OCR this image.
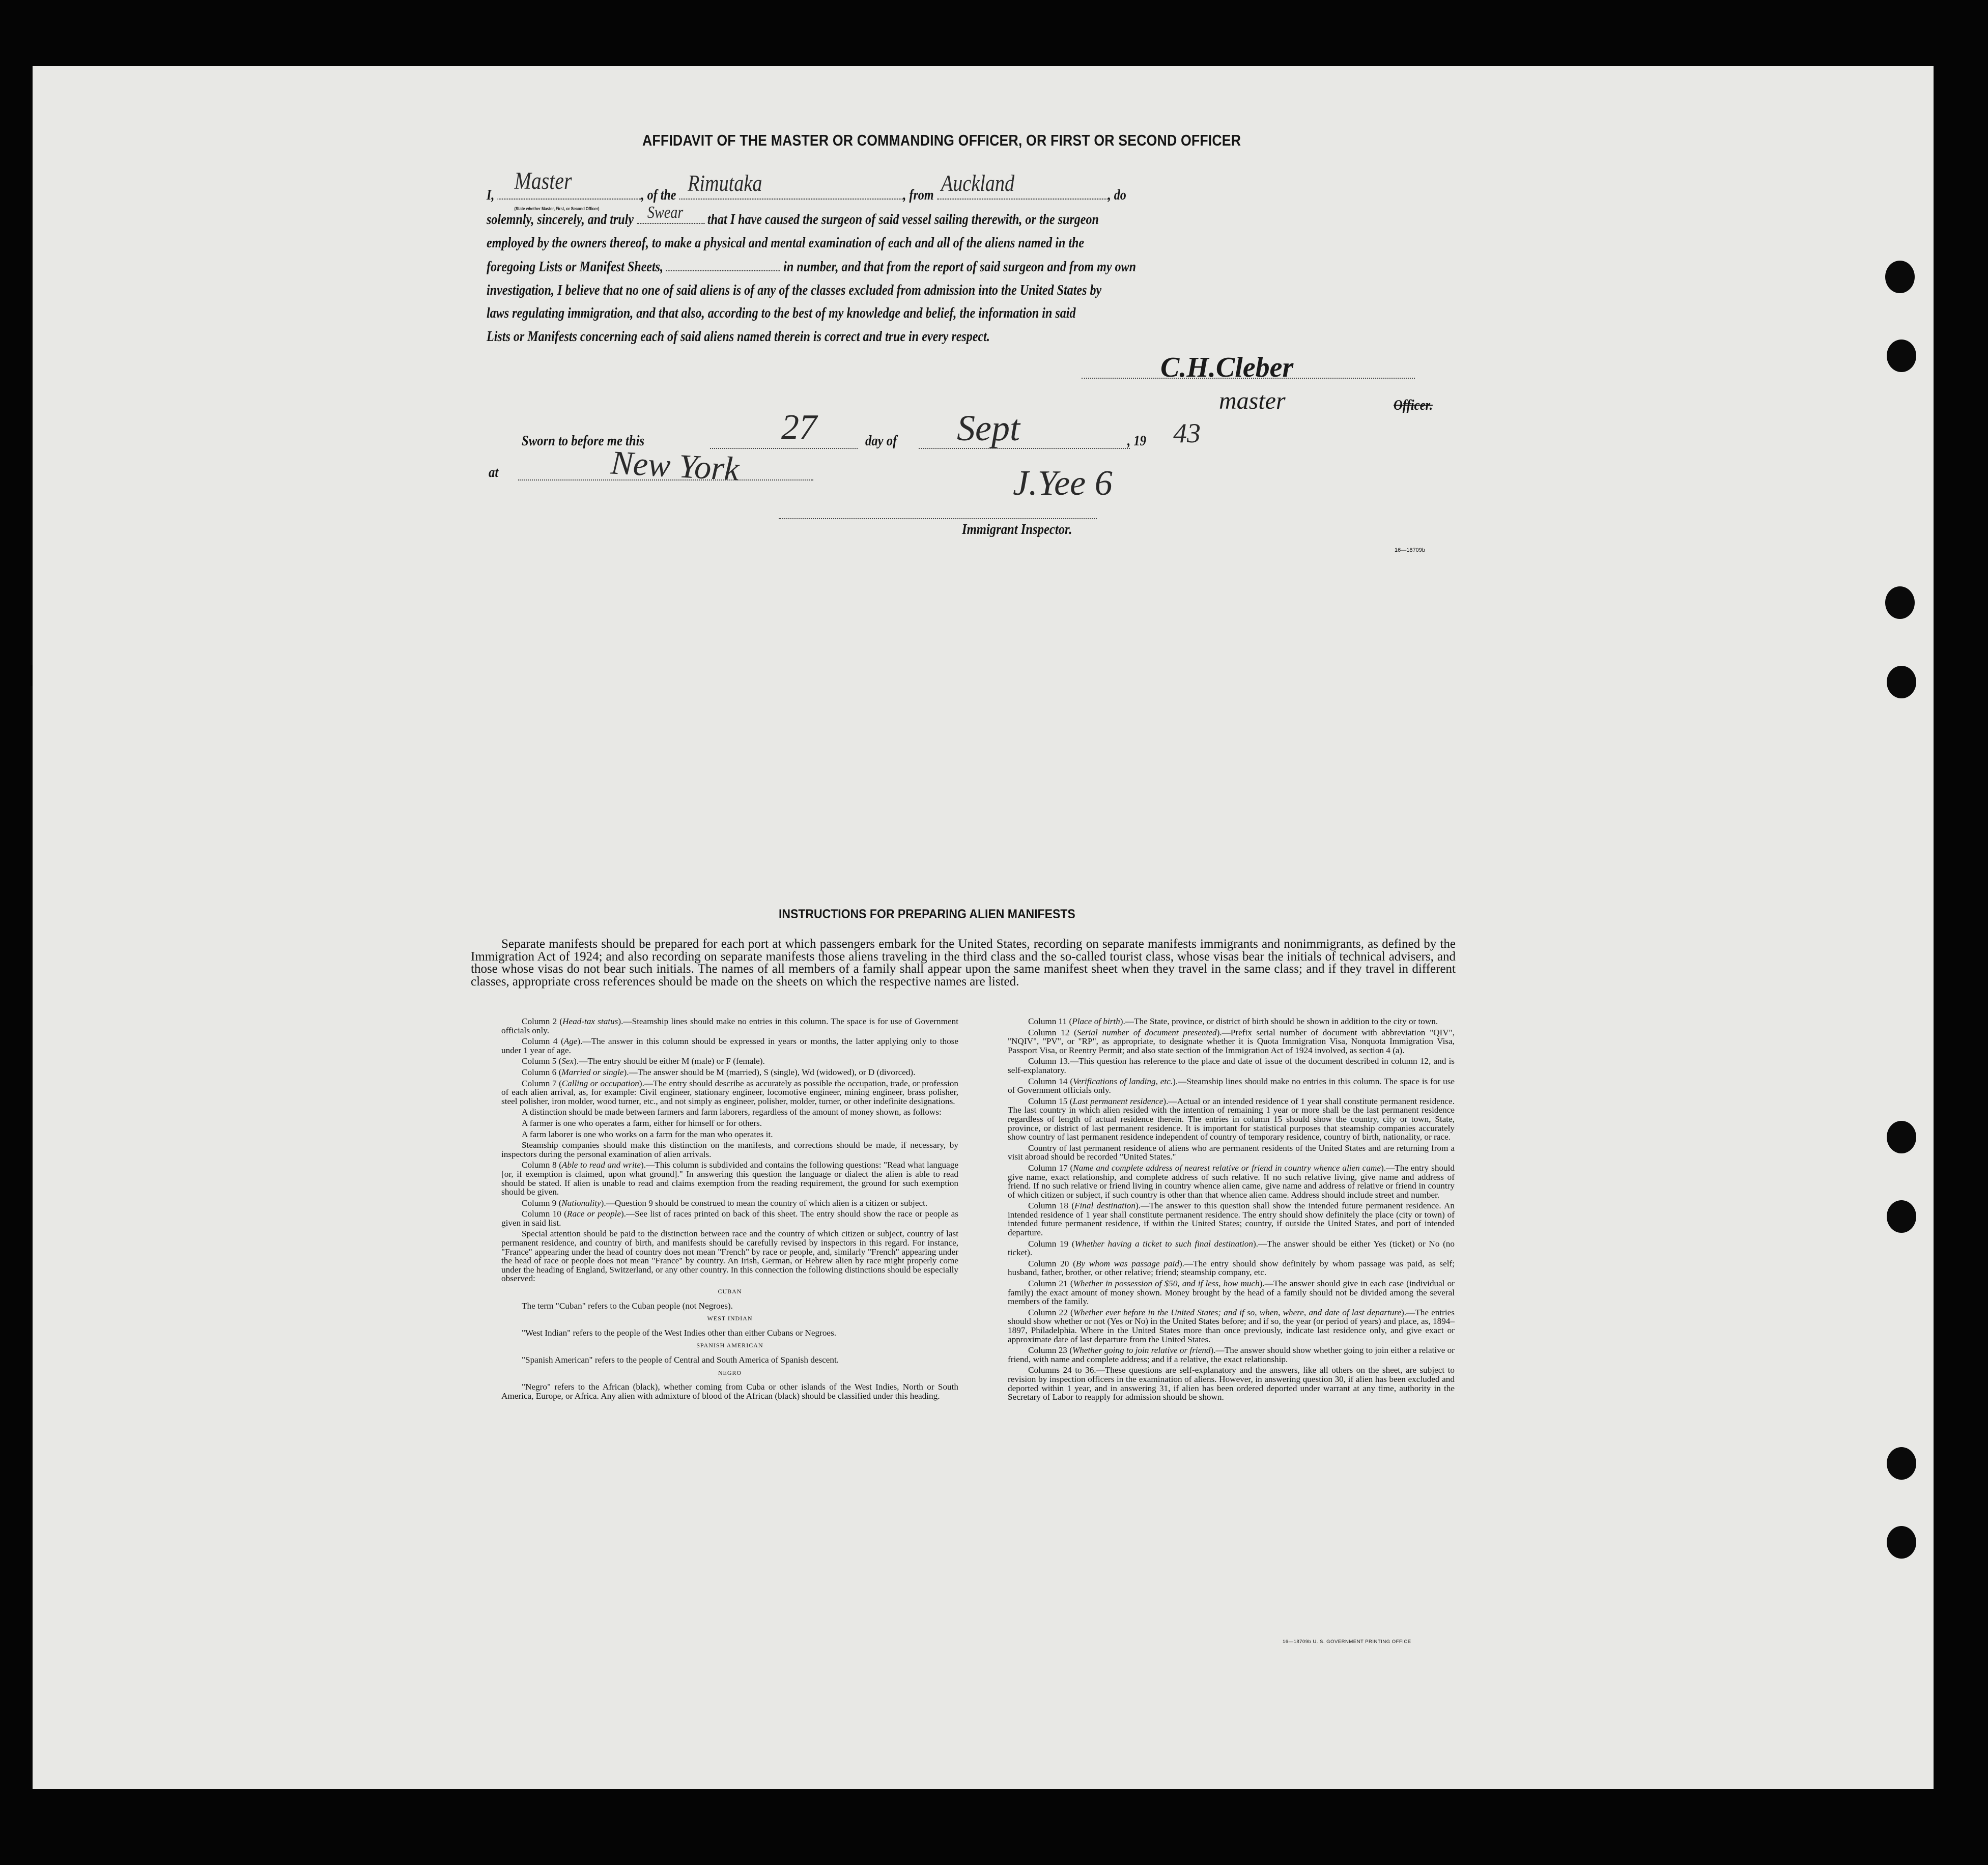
AFFIDAVIT OF THE MASTER OR COMMANDING OFFICER, OR FIRST OR SECOND OFFICER
I,
Master
(State whether Master, First, or Second Officer)
, of the Rimutaka	, from Auckland	, do
solemnly, sincerely, and truly Swear that I have caused the surgeon of said vessel sailing therewith, or the surgeon
employed by the owners thereof, to make a physical and mental examination of each and all of the aliens named in the
foregoing Lists or Manifest Sheets,	in number, and that from the report of said surgeon and from my own
investigation, I believe that no one of said aliens is of any of the classes excluded from admission into the United States by
laws regulating immigration, and that also, according to the best of my knowledge and belief, the information in said
Lists or Manifests concerning each of said aliens named therein is correct and true in every respect.
C.H.Cleber
master	Officer.
Sworn to before me this	27	day of Sept	, 19 43
at	New York	J.Yee 6
Immigrant Inspector.
16—18709b
INSTRUCTIONS FOR PREPARING ALIEN MANIFESTS
Separate manifests should be prepared for each port at which passengers embark for the United States, recording on separate manifests immigrants and nonimmigrants, as defined by the Immigration Act of 1924; and also recording on separate manifests those aliens traveling in the third class and the so-called tourist class, whose visas bear the initials of technical advisers, and those whose visas do not bear such initials. The names of all members of a family shall appear upon the same manifest sheet when they travel in the same class; and if they travel in different classes, appropriate cross references should be made on the sheets on which the respective names are listed.
Column 2 (Head-tax status).—Steamship lines should make no entries in this column. The space is for use of Government officials only.
Column 4 (Age).—The answer in this column should be expressed in years or months, the latter applying only to those under 1 year of age.
Column 5 (Sex).—The entry should be either M (male) or F (female).
Column 6 (Married or single).—The answer should be M (married), S (single), Wd (widowed), or D (divorced).
Column 7 (Calling or occupation).—The entry should describe as accurately as possible the occupation, trade, or profession of each alien arrival, as, for example: Civil engineer, stationary engineer, locomotive engineer, mining engineer, brass polisher, steel polisher, iron molder, wood turner, etc., and not simply as engineer, polisher, molder, turner, or other indefinite designations.
A distinction should be made between farmers and farm laborers, regardless of the amount of money shown, as follows:
A farmer is one who operates a farm, either for himself or for others.
A farm laborer is one who works on a farm for the man who operates it.
Steamship companies should make this distinction on the manifests, and corrections should be made, if necessary, by inspectors during the personal examination of alien arrivals.
Column 8 (Able to read and write).—This column is subdivided and contains the following questions: "Read what language [or, if exemption is claimed, upon what ground]." In answering this question the language or dialect the alien is able to read should be stated. If alien is unable to read and claims exemption from the reading requirement, the ground for such exemption should be given.
Column 9 (Nationality).—Question 9 should be construed to mean the country of which alien is a citizen or subject.
Column 10 (Race or people).—See list of races printed on back of this sheet. The entry should show the race or people as given in said list.
Special attention should be paid to the distinction between race and the country of which citizen or subject, country of last permanent residence, and country of birth, and manifests should be carefully revised by inspectors in this regard. For instance, "France" appearing under the head of country does not mean "French" by race or people, and, similarly "French" appearing under the head of race or people does not mean "France" by country. An Irish, German, or Hebrew alien by race might properly come under the heading of England, Switzerland, or any other country. In this connection the following distinctions should be especially observed:
CUBAN
The term "Cuban" refers to the Cuban people (not Negroes).
WEST INDIAN
"West Indian" refers to the people of the West Indies other than either Cubans or Negroes.
SPANISH AMERICAN
"Spanish American" refers to the people of Central and South America of Spanish descent.
NEGRO
"Negro" refers to the African (black), whether coming from Cuba or other islands of the West Indies, North or South America, Europe, or Africa. Any alien with admixture of blood of the African (black) should be classified under this heading.
Column 11 (Place of birth).—The State, province, or district of birth should be shown in addition to the city or town.
Column 12 (Serial number of document presented).—Prefix serial number of document with abbreviation "QIV", "NQIV", "PV", or "RP", as appropriate, to designate whether it is Quota Immigration Visa, Nonquota Immigration Visa, Passport Visa, or Reentry Permit; and also state section of the Immigration Act of 1924 involved, as section 4 (a).
Column 13.—This question has reference to the place and date of issue of the document described in column 12, and is self-explanatory.
Column 14 (Verifications of landing, etc.).—Steamship lines should make no entries in this column. The space is for use of Government officials only.
Column 15 (Last permanent residence).—Actual or an intended residence of 1 year shall constitute permanent residence. The last country in which alien resided with the intention of remaining 1 year or more shall be the last permanent residence regardless of length of actual residence therein. The entries in column 15 should show the country, city or town, State, province, or district of last permanent residence. It is important for statistical purposes that steamship companies accurately show country of last permanent residence independent of country of temporary residence, country of birth, nationality, or race.
Country of last permanent residence of aliens who are permanent residents of the United States and are returning from a visit abroad should be recorded "United States."
Column 17 (Name and complete address of nearest relative or friend in country whence alien came).—The entry should give name, exact relationship, and complete address of such relative. If no such relative living, give name and address of friend. If no such relative or friend living in country whence alien came, give name and address of relative or friend in country of which citizen or subject, if such country is other than that whence alien came. Address should include street and number.
Column 18 (Final destination).—The answer to this question shall show the intended future permanent residence. An intended residence of 1 year shall constitute permanent residence. The entry should show definitely the place (city or town) of intended future permanent residence, if within the United States; country, if outside the United States, and port of intended departure.
Column 19 (Whether having a ticket to such final destination).—The answer should be either Yes (ticket) or No (no ticket).
Column 20 (By whom was passage paid).—The entry should show definitely by whom passage was paid, as self; husband, father, brother, or other relative; friend; steamship company, etc.
Column 21 (Whether in possession of $50, and if less, how much).—The answer should give in each case (individual or family) the exact amount of money shown. Money brought by the head of a family should not be divided among the several members of the family.
Column 22 (Whether ever before in the United States; and if so, when, where, and date of last departure).—The entries should show whether or not (Yes or No) in the United States before; and if so, the year (or period of years) and place, as, 1894–1897, Philadelphia. Where in the United States more than once previously, indicate last residence only, and give exact or approximate date of last departure from the United States.
Column 23 (Whether going to join relative or friend).—The answer should show whether going to join either a relative or friend, with name and complete address; and if a relative, the exact relationship.
Columns 24 to 36.—These questions are self-explanatory and the answers, like all others on the sheet, are subject to revision by inspection officers in the examination of aliens. However, in answering question 30, if alien has been excluded and deported within 1 year, and in answering 31, if alien has been ordered deported under warrant at any time, authority in the Secretary of Labor to reapply for admission should be shown.
16—18709b U. S. GOVERNMENT PRINTING OFFICE
